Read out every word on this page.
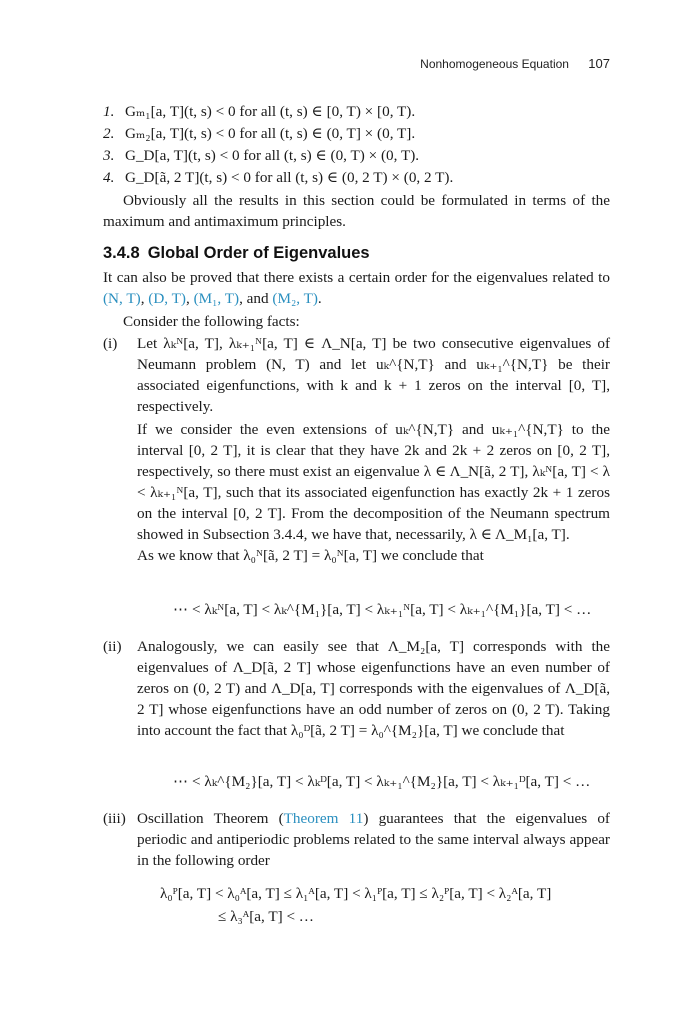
Nonhomogeneous Equation 107
1. Gₘ₁[a, T](t, s) < 0 for all (t, s) ∈ [0, T) × [0, T).
2. Gₘ₂[a, T](t, s) < 0 for all (t, s) ∈ (0, T] × (0, T].
3. G_D[a, T](t, s) < 0 for all (t, s) ∈ (0, T) × (0, T).
4. G_D[ã, 2 T](t, s) < 0 for all (t, s) ∈ (0, 2 T) × (0, 2 T).
Obviously all the results in this section could be formulated in terms of the maximum and antimaximum principles.
3.4.8 Global Order of Eigenvalues
It can also be proved that there exists a certain order for the eigenvalues related to (N, T), (D, T), (M₁, T), and (M₂, T).
Consider the following facts:
(i)	Let λₖᴺ[a, T], λₖ₊₁ᴺ[a, T] ∈ Λ_N[a, T] be two consecutive eigenvalues of Neumann problem (N, T) and let uₖ^{N,T} and uₖ₊₁^{N,T} be their associated eigenfunctions, with k and k + 1 zeros on the interval [0, T], respectively.
If we consider the even extensions of uₖ^{N,T} and uₖ₊₁^{N,T} to the interval [0, 2 T], it is clear that they have 2k and 2k + 2 zeros on [0, 2 T], respectively, so there must exist an eigenvalue λ ∈ Λ_N[ã, 2 T], λₖᴺ[a, T] < λ < λₖ₊₁ᴺ[a, T], such that its associated eigenfunction has exactly 2k + 1 zeros on the interval [0, 2 T]. From the decomposition of the Neumann spectrum showed in Subsection 3.4.4, we have that, necessarily, λ ∈ Λ_M₁[a, T].
As we know that λ₀ᴺ[ã, 2 T] = λ₀ᴺ[a, T] we conclude that
⋯ < λₖᴺ[a, T] < λₖ^{M₁}[a, T] < λₖ₊₁ᴺ[a, T] < λₖ₊₁^{M₁}[a, T] < …
(ii)	Analogously, we can easily see that Λ_M₂[a, T] corresponds with the eigenvalues of Λ_D[ã, 2 T] whose eigenfunctions have an even number of zeros on (0, 2 T) and Λ_D[a, T] corresponds with the eigenvalues of Λ_D[ã, 2 T] whose eigenfunctions have an odd number of zeros on (0, 2 T). Taking into account the fact that λ₀ᴰ[ã, 2 T] = λ₀^{M₂}[a, T] we conclude that
⋯ < λₖ^{M₂}[a, T] < λₖᴰ[a, T] < λₖ₊₁^{M₂}[a, T] < λₖ₊₁ᴰ[a, T] < …
(iii) Oscillation Theorem (Theorem 11) guarantees that the eigenvalues of periodic and antiperiodic problems related to the same interval always appear in the following order
λ₀ᴾ[a, T] < λ₀ᴬ[a, T] ≤ λ₁ᴬ[a, T] < λ₁ᴾ[a, T] ≤ λ₂ᴾ[a, T] < λ₂ᴬ[a, T]
≤ λ₃ᴬ[a, T] < …
